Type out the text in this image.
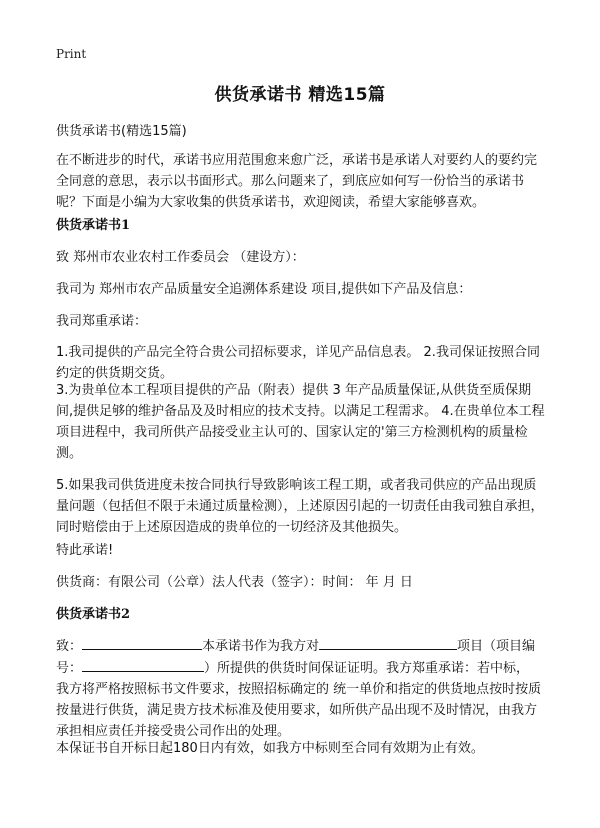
Print
供货承诺书 精选15篇
供货承诺书(精选15篇)
在不断进步的时代，承诺书应用范围愈来愈广泛，承诺书是承诺人对要约人的要约完全同意的意思，表示以书面形式。那么问题来了，到底应如何写一份恰当的承诺书呢？下面是小编为大家收集的供货承诺书，欢迎阅读，希望大家能够喜欢。
供货承诺书1
致 郑州市农业农村工作委员会 （建设方）：
我司为 郑州市农产品质量安全追溯体系建设 项目,提供如下产品及信息：
我司郑重承诺：
1.我司提供的产品完全符合贵公司招标要求，详见产品信息表。 2.我司保证按照合同约定的供货期交货。
3.为贵单位本工程项目提供的产品（附表）提供 3 年产品质量保证,从供货至质保期间,提供足够的维护备品及及时相应的技术支持。以满足工程需求。 4.在贵单位本工程项目进程中，我司所供产品接受业主认可的、国家认定的'第三方检测机构的质量检测。
5.如果我司供货进度未按合同执行导致影响该工程工期，或者我司供应的产品出现质量问题（包括但不限于未通过质量检测），上述原因引起的一切责任由我司独自承担，同时赔偿由于上述原因造成的贵单位的一切经济及其他损失。
特此承诺!
供货商：有限公司（公章）法人代表（签字）：时间： 年 月 日
供货承诺书2
致：	本承诺书作为我方对	项目（项目编
号：	）所提供的供货时间保证证明。我方郑重承诺：若中标，
我方将严格按照标书文件要求，按照招标确定的 统一单价和指定的供货地点按时按质按量进行供货，满足贵方技术标准及使用要求，如所供产品出现不及时情况，由我方承担相应责任并接受贵公司作出的处理。
本保证书自开标日起180日内有效，如我方中标则至合同有效期为止有效。
